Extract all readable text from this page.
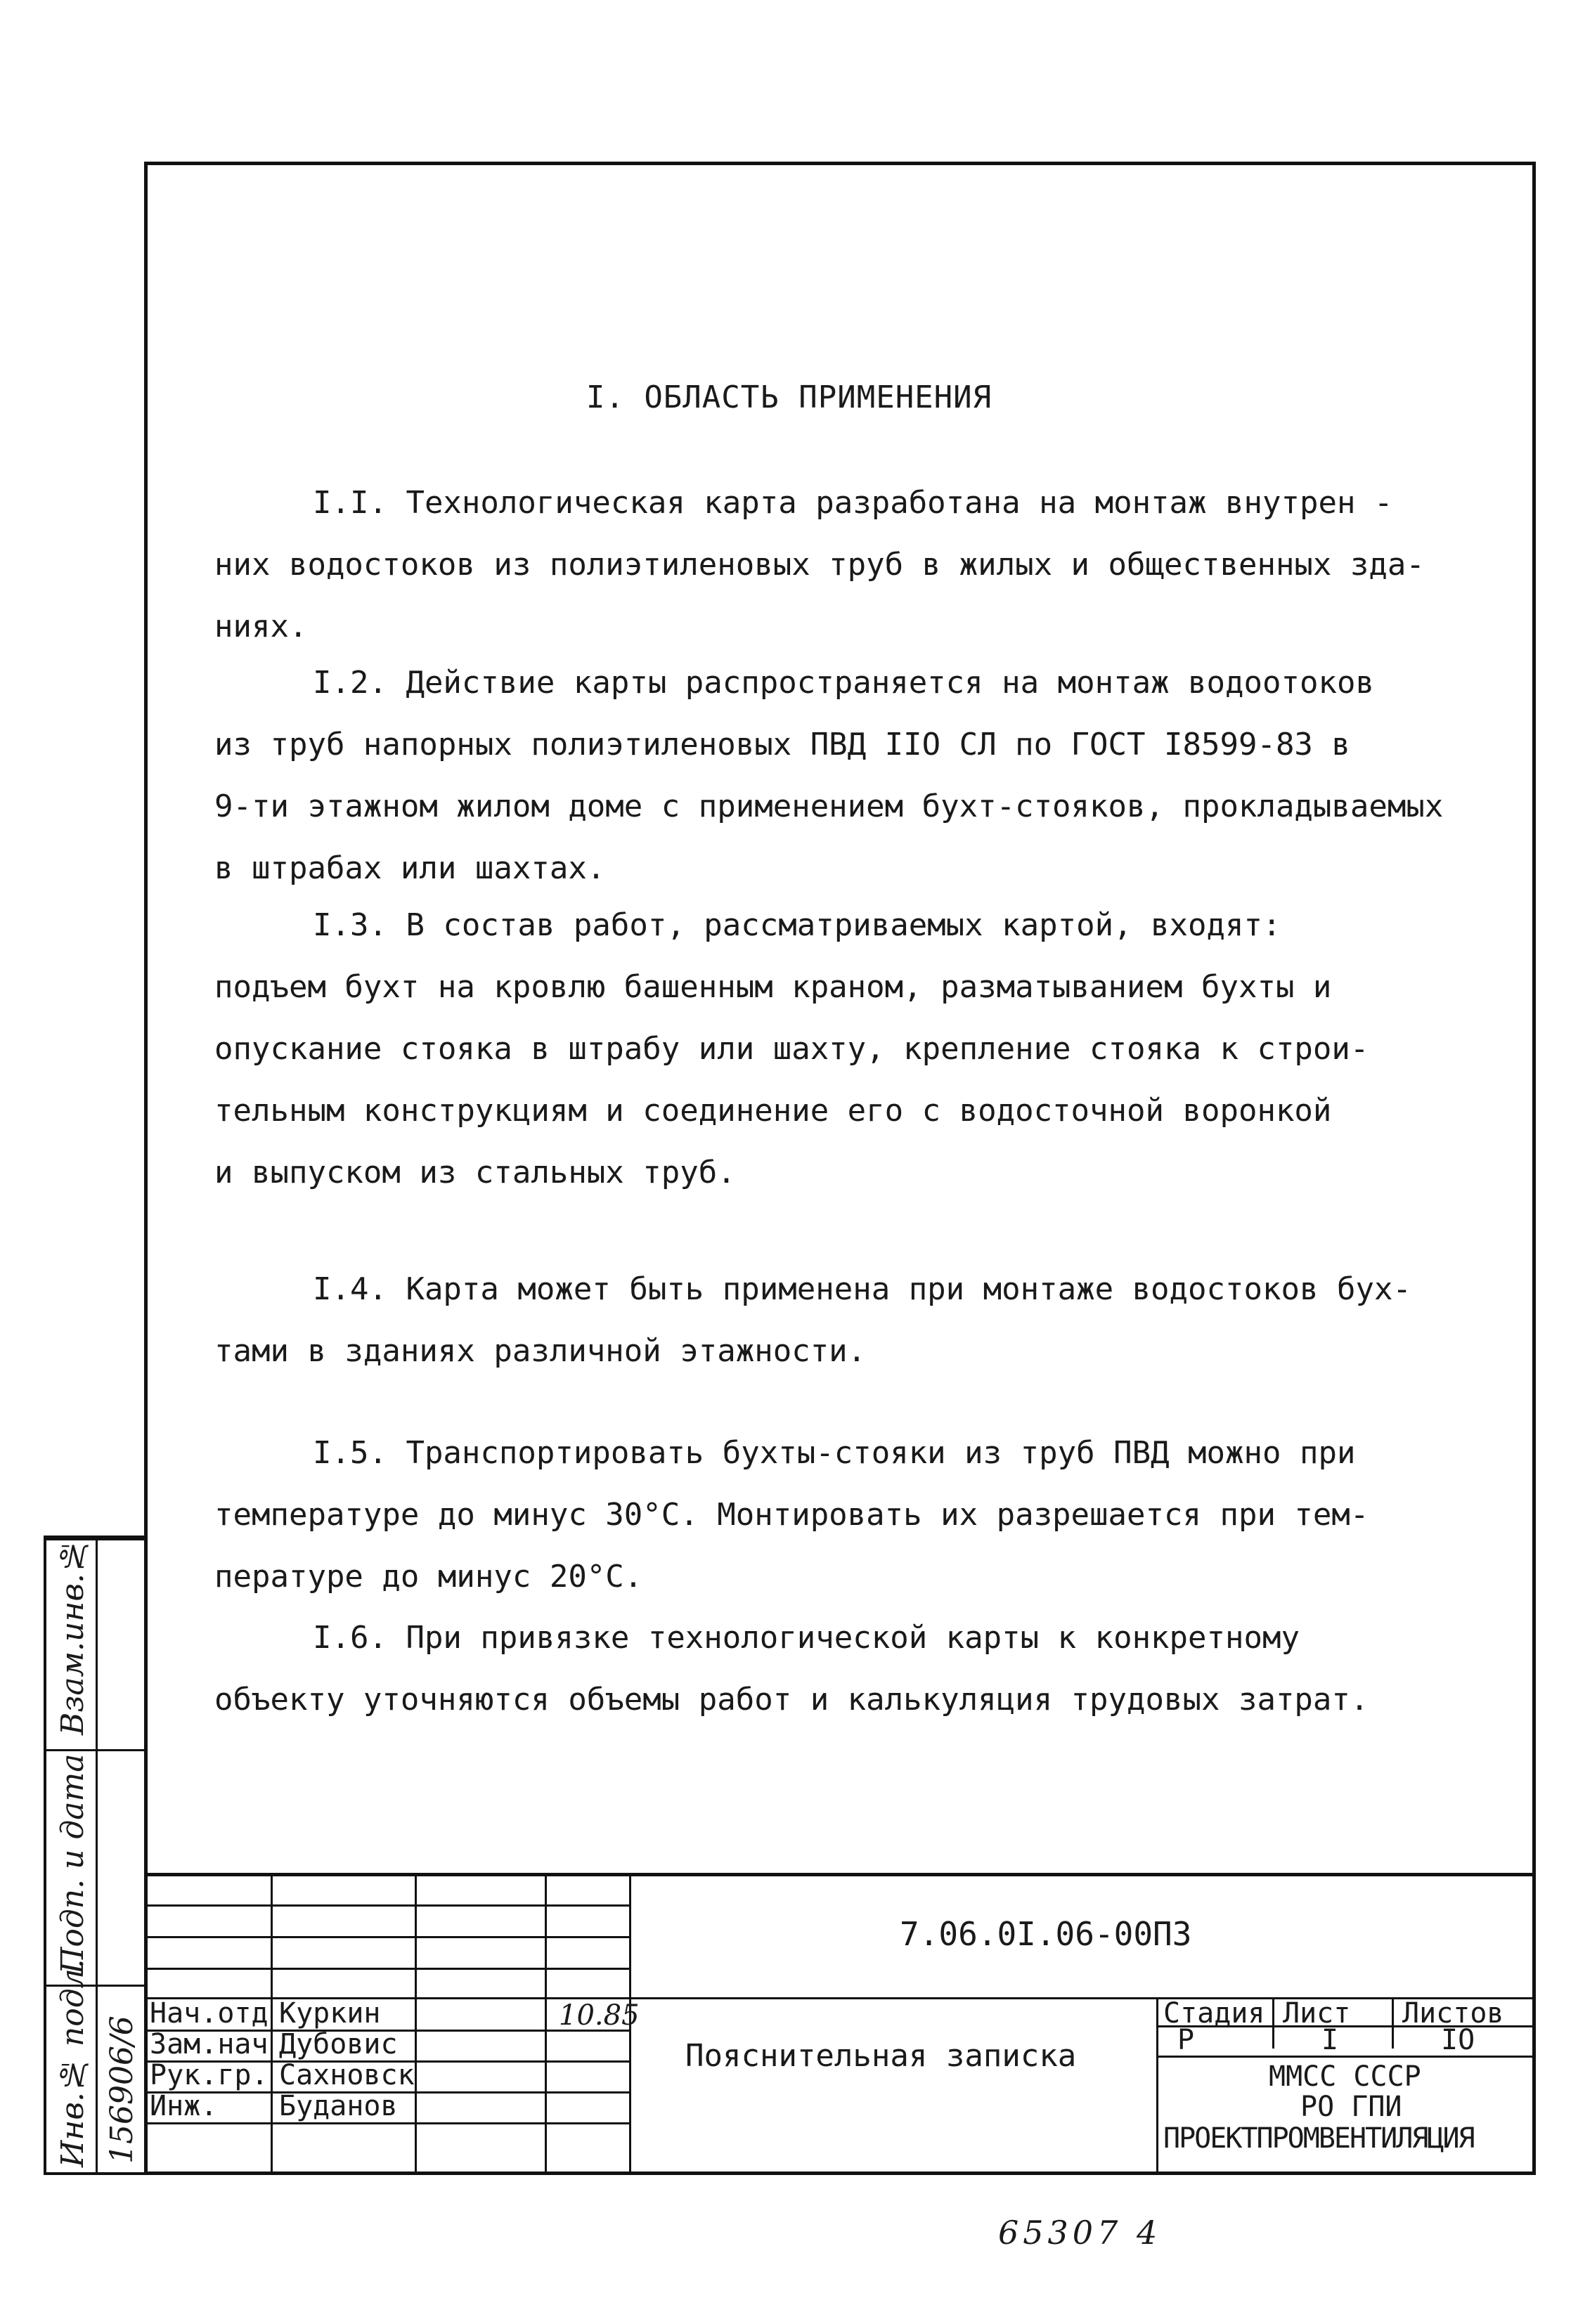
I. ОБЛАСТЬ ПРИМЕНЕНИЯ
I.I. Технологическая карта разработана на монтаж внутрен -
них водостоков из полиэтиленовых труб в жилых и общественных зда-
ниях.
I.2. Действие карты распространяется на монтаж водоотоков
из труб напорных полиэтиленовых ПВД IIО СЛ по ГОСТ I8599-83 в
9-ти этажном жилом доме с применением бухт-стояков, прокладываемых
в штрабах или шахтах.
I.3. В состав работ, рассматриваемых картой, входят:
подъем бухт на кровлю башенным краном, разматыванием бухты и
опускание стояка в штрабу или шахту, крепление стояка к строи-
тельным конструкциям и соединение его с водосточной воронкой
и выпуском из стальных труб.
I.4. Карта может быть применена при монтаже водостоков бух-
тами в зданиях различной этажности.
I.5. Транспортировать бухты-стояки из труб ПВД можно при
температуре до минус 30°С. Монтировать их разрешается при тем-
пературе до минус 20°С.
I.6. При привязке технологической карты к конкретному
объекту уточняются объемы работ и калькуляция трудовых затрат.
Взам.инв.№
Подп. и дата
Инв.№ подл. 156906/6
7.06.0I.06-00ПЗ
Нач.отд Куркин
Зам.нач Дубовис
Рук.гр. Сахновск
Инж. Буданов
10.85
Пояснительная записка
Стадия Лист Листов
Р	I	IO
ММСС СССР
РО ГПИ
ПРОЕКТПРОМВЕНТИЛЯЦИЯ
65307 4
